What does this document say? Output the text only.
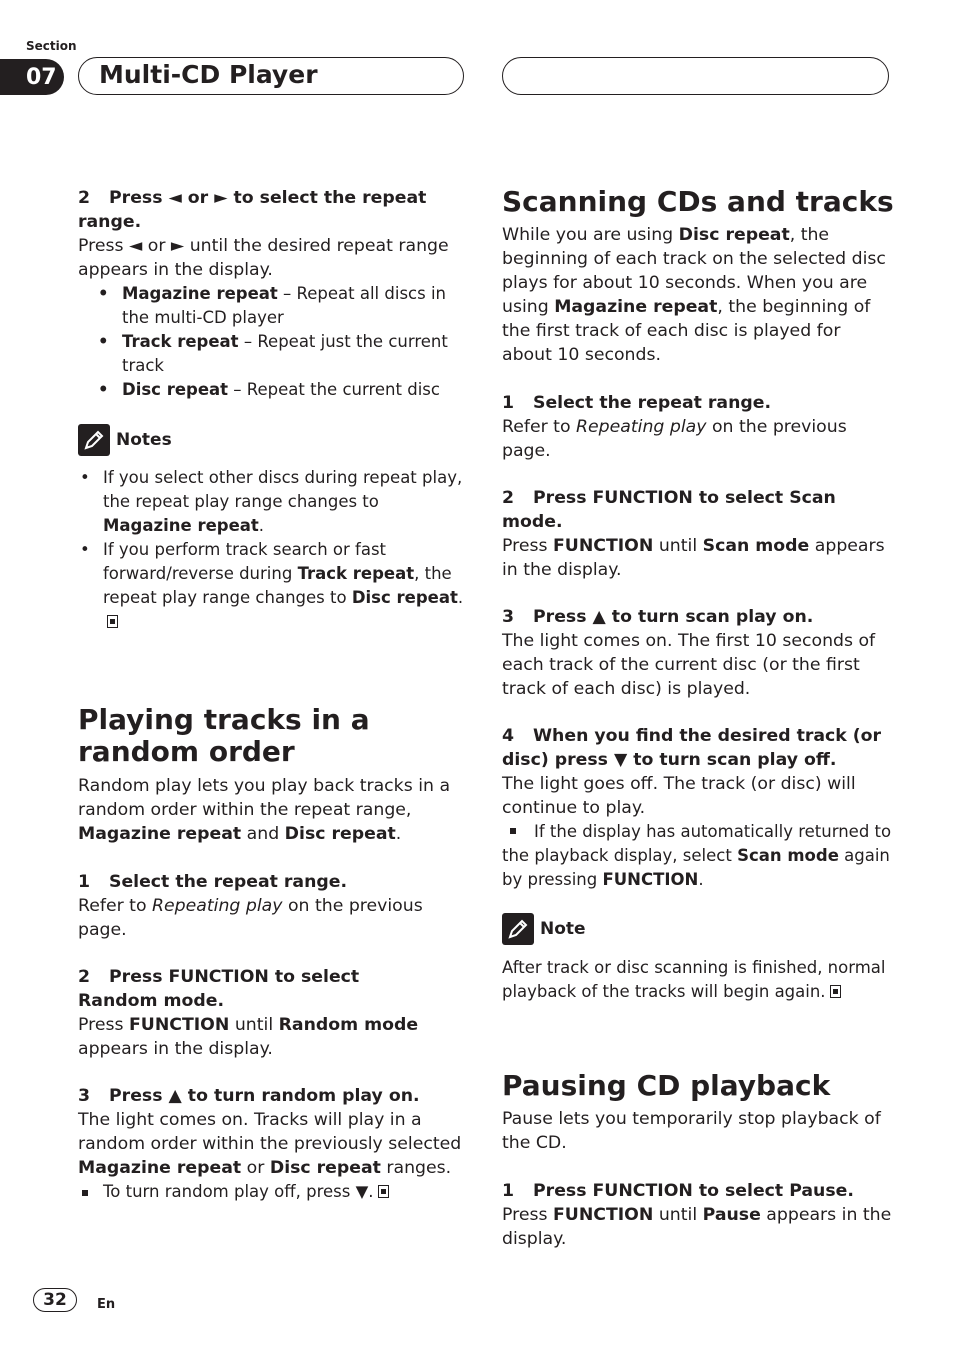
Section
07 Multi-CD Player

2 Press ◄ or ► to select the repeat range.

Press ◄ or ► until the desired repeat range appears in the display.

• Magazine repeat – Repeat all discs in the multi-CD player
• Track repeat – Repeat just the current track
• Disc repeat – Repeat the current disc
Notes
• If you select other discs during repeat play, the repeat play range changes to Magazine repeat.
• If you perform track search or fast forward/reverse during Track repeat, the repeat play range changes to Disc repeat.
Playing tracks in a random order

Random play lets you play back tracks in a random order within the repeat range, Magazine repeat and Disc repeat.

1 Select the repeat range.

Refer to Repeating play on the previous page.

2 Press FUNCTION to select Random mode.

Press FUNCTION until Random mode appears in the display.

3 Press ▲ to turn random play on.

The light comes on. Tracks will play in a random order within the previously selected Magazine repeat or Disc repeat ranges.

To turn random play off, press ▼.

Scanning CDs and tracks

While you are using Disc repeat, the beginning of each track on the selected disc plays for about 10 seconds. When you are using Magazine repeat, the beginning of the first track of each disc is played for about 10 seconds.

1 Select the repeat range.

Refer to Repeating play on the previous page.

2 Press FUNCTION to select Scan mode.

Press FUNCTION until Scan mode appears in the display.

3 Press ▲ to turn scan play on.

The light comes on. The first 10 seconds of each track of the current disc (or the first track of each disc) is played.

4 When you find the desired track (or disc) press ▼ to turn scan play off.

The light goes off. The track (or disc) will continue to play.

If the display has automatically returned to the playback display, select Scan mode again by pressing FUNCTION.

Note

After track or disc scanning is finished, normal playback of the tracks will begin again.

Pausing CD playback

Pause lets you temporarily stop playback of the CD.

1 Press FUNCTION to select Pause.

Press FUNCTION until Pause appears in the display.

32	En
